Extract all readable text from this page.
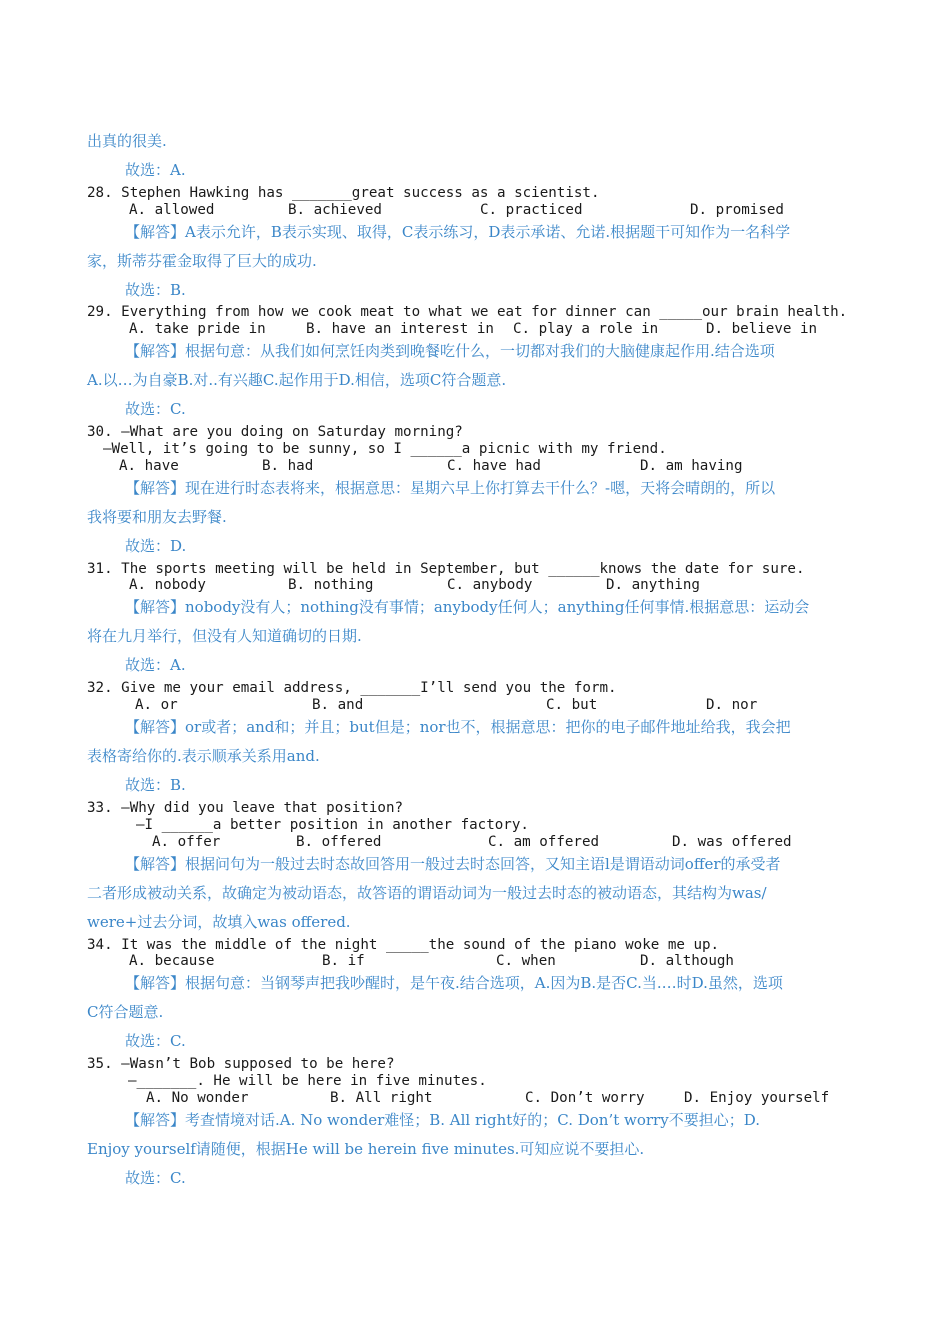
出真的很美.
故选：A.
28. Stephen Hawking has _______great success as a scientist.
A. allowed	B. achieved	C. practiced	D. promised
【解答】A表示允许，B表示实现、取得，C表示练习，D表示承诺、允诺.根据题干可知作为一名科学
家，斯蒂芬霍金取得了巨大的成功.
故选：B.
29. Everything from how we cook meat to what we eat for dinner can _____our brain health.
A. take pride in	B. have an interest in C. play a role in	D. believe in
【解答】根据句意：从我们如何烹饪肉类到晚餐吃什么，一切都对我们的大脑健康起作用.结合选项
A.以…为自豪B.对..有兴趣C.起作用于D.相信，选项C符合题意.
故选：C.
30. —What are you doing on Saturday morning?
—Well, it’s going to be sunny, so I ______a picnic with my friend.
A. have	B. had	C. have had	D. am having
【解答】现在进行时态表将来，根据意思：星期六早上你打算去干什么？-嗯，天将会晴朗的，所以
我将要和朋友去野餐.
故选：D.
31. The sports meeting will be held in September, but ______knows the date for sure.
A. nobody	B. nothing	C. anybody	D. anything
【解答】nobody没有人；nothing没有事情；anybody任何人；anything任何事情.根据意思：运动会
将在九月举行，但没有人知道确切的日期.
故选：A.
32. Give me your email address, _______I’ll send you the form.
A. or	B. and	C. but	D. nor
【解答】or或者；and和；并且；but但是；nor也不，根据意思：把你的电子邮件地址给我，我会把
表格寄给你的.表示顺承关系用and.
故选：B.
33. —Why did you leave that position?
—I ______a better position in another factory.
A. offer	B. offered	C. am offered	D. was offered
【解答】根据问句为一般过去时态故回答用一般过去时态回答，又知主语l是谓语动词offer的承受者
二者形成被动关系，故确定为被动语态，故答语的谓语动词为一般过去时态的被动语态，其结构为was/
were+过去分词，故填入was offered.
34. It was the middle of the night _____the sound of the piano woke me up.
A. because	B. if	C. when	D. although
【解答】根据句意：当钢琴声把我吵醒时，是午夜.结合选项，A.因为B.是否C.当.…时D.虽然，选项
C符合题意.
故选：C.
35. —Wasn’t Bob supposed to be here?
—_______. He will be here in five minutes.
A. No wonder	B. All right	C. Don’t worry	D. Enjoy yourself
【解答】考查情境对话.A. No wonder难怪；B. All right好的；C. Don’t worry不要担心；D.
Enjoy yourself请随便，根据He will be herein five minutes.可知应说不要担心.
故选：C.
